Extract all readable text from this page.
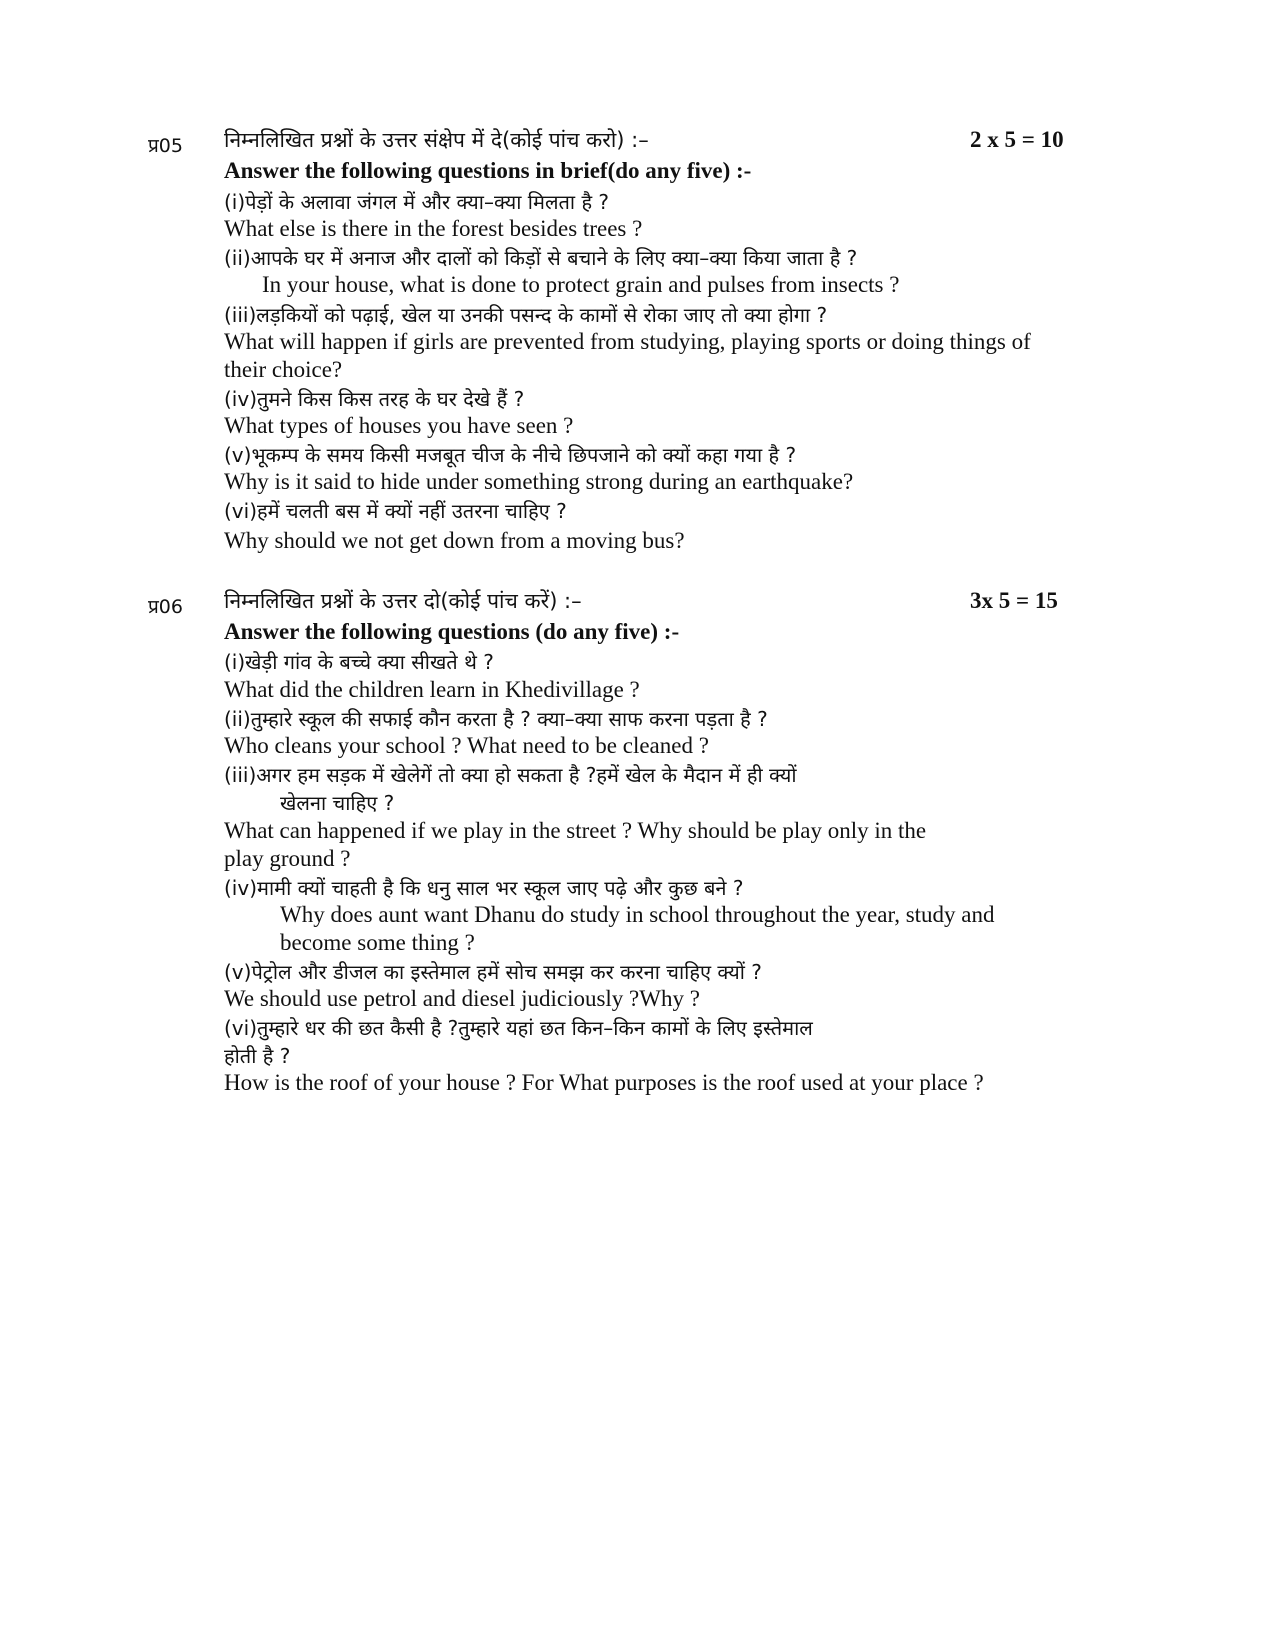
प्र05 निम्नलिखित प्रश्नों के उत्तर संक्षेप में दे(कोई पांच करो) :–	2 x 5 = 10
Answer the following questions in brief(do any five) :-
(i)पेड़ों के अलावा जंगल में और क्या–क्या मिलता है ?
What else is there in the forest besides trees ?
(ii)आपके घर में अनाज और दालों को किड़ों से बचाने के लिए क्या–क्या किया जाता है ?
In your house, what is done to protect grain and pulses from insects ?
(iii)लड़कियों को पढ़ाई, खेल या उनकी पसन्द के कामों से रोका जाए तो क्या होगा ?
What will happen if girls are prevented from studying, playing sports or doing things of
their choice?
(iv)तुमने किस किस तरह के घर देखे हैं ?
What types of houses you have seen ?
(v)भूकम्प के समय किसी मजबूत चीज के नीचे छिपजाने को क्यों कहा गया है ?
Why is it said to hide under something strong during an earthquake?
(vi)हमें चलती बस में क्यों नहीं उतरना चाहिए ?
Why should we not get down from a moving bus?
प्र06 निम्नलिखित प्रश्नों के उत्तर दो(कोई पांच करें) :–	3x 5 = 15
Answer the following questions (do any five) :-
(i)खेड़ी गांव के बच्चे क्या सीखते थे ?
What did the children learn in Khedivillage ?
(ii)तुम्हारे स्कूल की सफाई कौन करता है ? क्या–क्या साफ करना पड़ता है ?
Who cleans your school ? What need to be cleaned ?
(iii)अगर हम सड़क में खेलेगें तो क्या हो सकता है ?हमें खेल के मैदान में ही क्यों
खेलना चाहिए ?
What can happened if we play in the street ? Why should be play only in the
play ground ?
(iv)मामी क्यों चाहती है कि धनु साल भर स्कूल जाए पढ़े और कुछ बने ?
Why does aunt want Dhanu do study in school throughout the year, study and
become some thing ?
(v)पेट्रोल और डीजल का इस्तेमाल हमें सोच समझ कर करना चाहिए क्यों ?
We should use petrol and diesel judiciously ?Why ?
(vi)तुम्हारे धर की छत कैसी है ?तुम्हारे यहां छत किन–किन कामों के लिए इस्तेमाल
होती है ?
How is the roof of your house ? For What purposes is the roof used at your place ?
